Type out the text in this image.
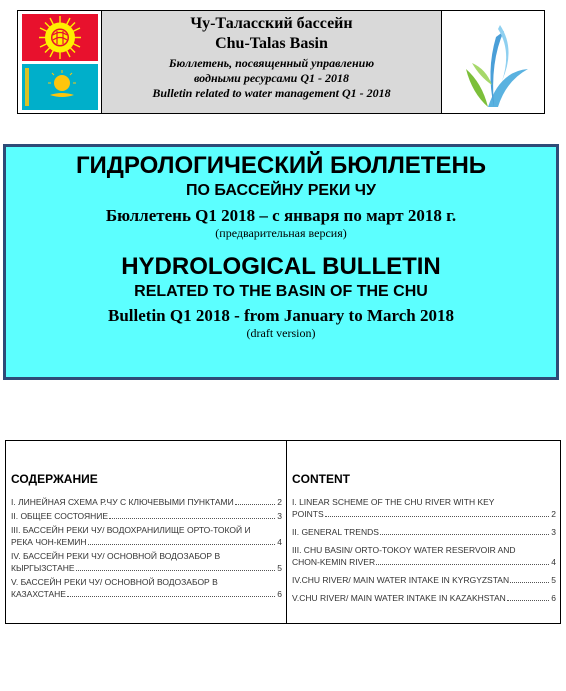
Чу-Таласский бассейн
Chu-Talas Basin
Бюллетень, посвященный управлению
водными ресурсами Q1 - 2018
Bulletin related to water management Q1 - 2018
ГИДРОЛОГИЧЕСКИЙ БЮЛЛЕТЕНЬ
ПО БАССЕЙНУ РЕКИ ЧУ
Бюллетень Q1 2018 – с января по март 2018 г.
(предварительная версия)
HYDROLOGICAL BULLETIN
RELATED TO THE BASIN OF THE CHU
Bulletin Q1 2018 - from January to March 2018
(draft version)
СОДЕРЖАНИЕ
I. ЛИНЕЙНАЯ СХЕМА Р.ЧУ С КЛЮЧЕВЫМИ ПУНКТАМИ	2
II. ОБЩЕЕ СОСТОЯНИЕ	3
III. БАССЕЙН РЕКИ ЧУ/ ВОДОХРАНИЛИЩЕ ОРТО-ТОКОЙ И
РЕКА ЧОН-КЕМИН	4
IV. БАССЕЙН РЕКИ ЧУ/ ОСНОВНОЙ ВОДОЗАБОР В
КЫРГЫЗСТАНЕ	5
V. БАССЕЙН РЕКИ ЧУ/ ОСНОВНОЙ ВОДОЗАБОР В
КАЗАХСТАНЕ	6
CONTENT
I. LINEAR SCHEME OF THE CHU RIVER WITH KEY
POINTS	2
II. GENERAL TRENDS	3
III. CHU BASIN/ ORTO-TOKOY WATER RESERVOIR AND
CHON-KEMIN RIVER	4
IV.CHU RIVER/ MAIN WATER INTAKE IN KYRGYZSTAN	5
V.CHU RIVER/ MAIN WATER INTAKE IN KAZAKHSTAN	6
